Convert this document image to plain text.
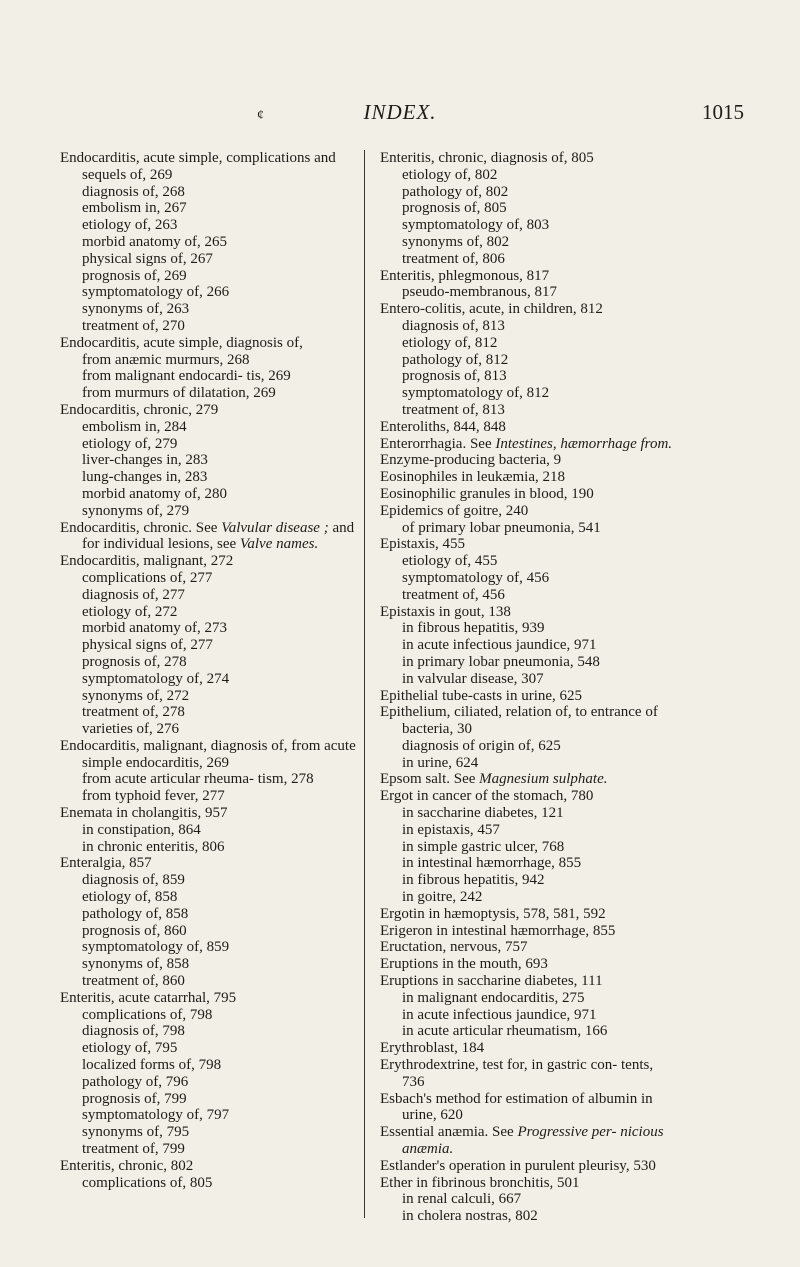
¢	INDEX.	1015
Endocarditis, acute simple, complications and sequels of, 269
diagnosis of, 268
embolism in, 267
etiology of, 263
morbid anatomy of, 265
physical signs of, 267
prognosis of, 269
symptomatology of, 266
synonyms of, 263
treatment of, 270
Endocarditis, acute simple, diagnosis of,
from anæmic murmurs, 268
from malignant endocardi- tis, 269
from murmurs of dilatation, 269
Endocarditis, chronic, 279
embolism in, 284
etiology of, 279
liver-changes in, 283
lung-changes in, 283
morbid anatomy of, 280
synonyms of, 279
Endocarditis, chronic. See Valvular disease ; and for individual lesions, see Valve names.
Endocarditis, malignant, 272
complications of, 277
diagnosis of, 277
etiology of, 272
morbid anatomy of, 273
physical signs of, 277
prognosis of, 278
symptomatology of, 274
synonyms of, 272
treatment of, 278
varieties of, 276
Endocarditis, malignant, diagnosis of, from acute simple endocarditis, 269
from acute articular rheuma- tism, 278
from typhoid fever, 277
Enemata in cholangitis, 957
in constipation, 864
in chronic enteritis, 806
Enteralgia, 857
diagnosis of, 859
etiology of, 858
pathology of, 858
prognosis of, 860
symptomatology of, 859
synonyms of, 858
treatment of, 860
Enteritis, acute catarrhal, 795
complications of, 798
diagnosis of, 798
etiology of, 795
localized forms of, 798
pathology of, 796
prognosis of, 799
symptomatology of, 797
synonyms of, 795
treatment of, 799
Enteritis, chronic, 802
complications of, 805
Enteritis, chronic, diagnosis of, 805
etiology of, 802
pathology of, 802
prognosis of, 805
symptomatology of, 803
synonyms of, 802
treatment of, 806
Enteritis, phlegmonous, 817
pseudo-membranous, 817
Entero-colitis, acute, in children, 812
diagnosis of, 813
etiology of, 812
pathology of, 812
prognosis of, 813
symptomatology of, 812
treatment of, 813
Enteroliths, 844, 848
Enterorrhagia. See Intestines, hæmorrhage from.
Enzyme-producing bacteria, 9
Eosinophiles in leukæmia, 218
Eosinophilic granules in blood, 190
Epidemics of goitre, 240
of primary lobar pneumonia, 541
Epistaxis, 455
etiology of, 455
symptomatology of, 456
treatment of, 456
Epistaxis in gout, 138
in fibrous hepatitis, 939
in acute infectious jaundice, 971
in primary lobar pneumonia, 548
in valvular disease, 307
Epithelial tube-casts in urine, 625
Epithelium, ciliated, relation of, to entrance of bacteria, 30
diagnosis of origin of, 625
in urine, 624
Epsom salt. See Magnesium sulphate.
Ergot in cancer of the stomach, 780
in saccharine diabetes, 121
in epistaxis, 457
in simple gastric ulcer, 768
in intestinal hæmorrhage, 855
in fibrous hepatitis, 942
in goitre, 242
Ergotin in hæmoptysis, 578, 581, 592
Erigeron in intestinal hæmorrhage, 855
Eructation, nervous, 757
Eruptions in the mouth, 693
Eruptions in saccharine diabetes, 111
in malignant endocarditis, 275
in acute infectious jaundice, 971
in acute articular rheumatism, 166
Erythroblast, 184
Erythrodextrine, test for, in gastric con- tents, 736
Esbach's method for estimation of albumin in urine, 620
Essential anæmia. See Progressive per- nicious anæmia.
Estlander's operation in purulent pleurisy, 530
Ether in fibrinous bronchitis, 501
in renal calculi, 667
in cholera nostras, 802
